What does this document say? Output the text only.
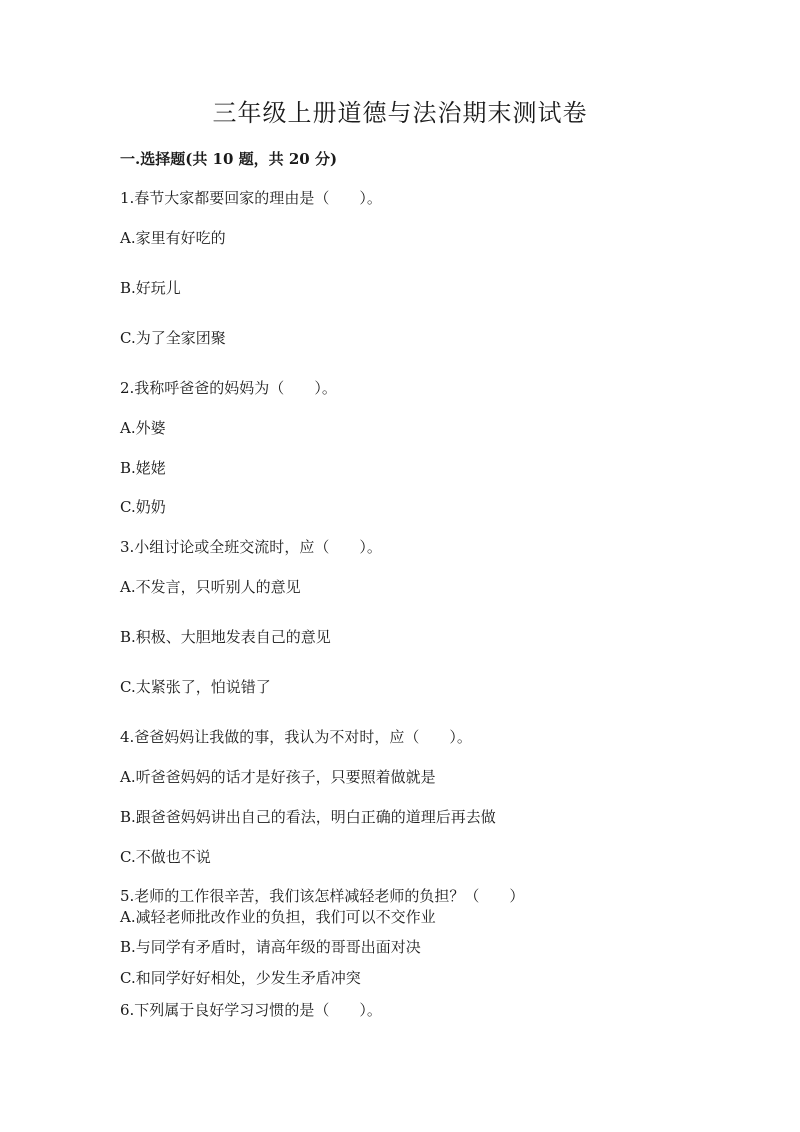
三年级上册道德与法治期末测试卷
一.选择题(共 10 题，共 20 分)
1.春节大家都要回家的理由是（　　）。
A.家里有好吃的
B.好玩儿
C.为了全家团聚
2.我称呼爸爸的妈妈为（　　）。
A.外婆
B.姥姥
C.奶奶
3.小组讨论或全班交流时，应（　　）。
A.不发言，只听别人的意见
B.积极、大胆地发表自己的意见
C.太紧张了，怕说错了
4.爸爸妈妈让我做的事，我认为不对时，应（　　）。
A.听爸爸妈妈的话才是好孩子，只要照着做就是
B.跟爸爸妈妈讲出自己的看法，明白正确的道理后再去做
C.不做也不说
5.老师的工作很辛苦，我们该怎样减轻老师的负担？（　　）
A.减轻老师批改作业的负担，我们可以不交作业
B.与同学有矛盾时，请高年级的哥哥出面对决
C.和同学好好相处，少发生矛盾冲突
6.下列属于良好学习习惯的是（　　）。
